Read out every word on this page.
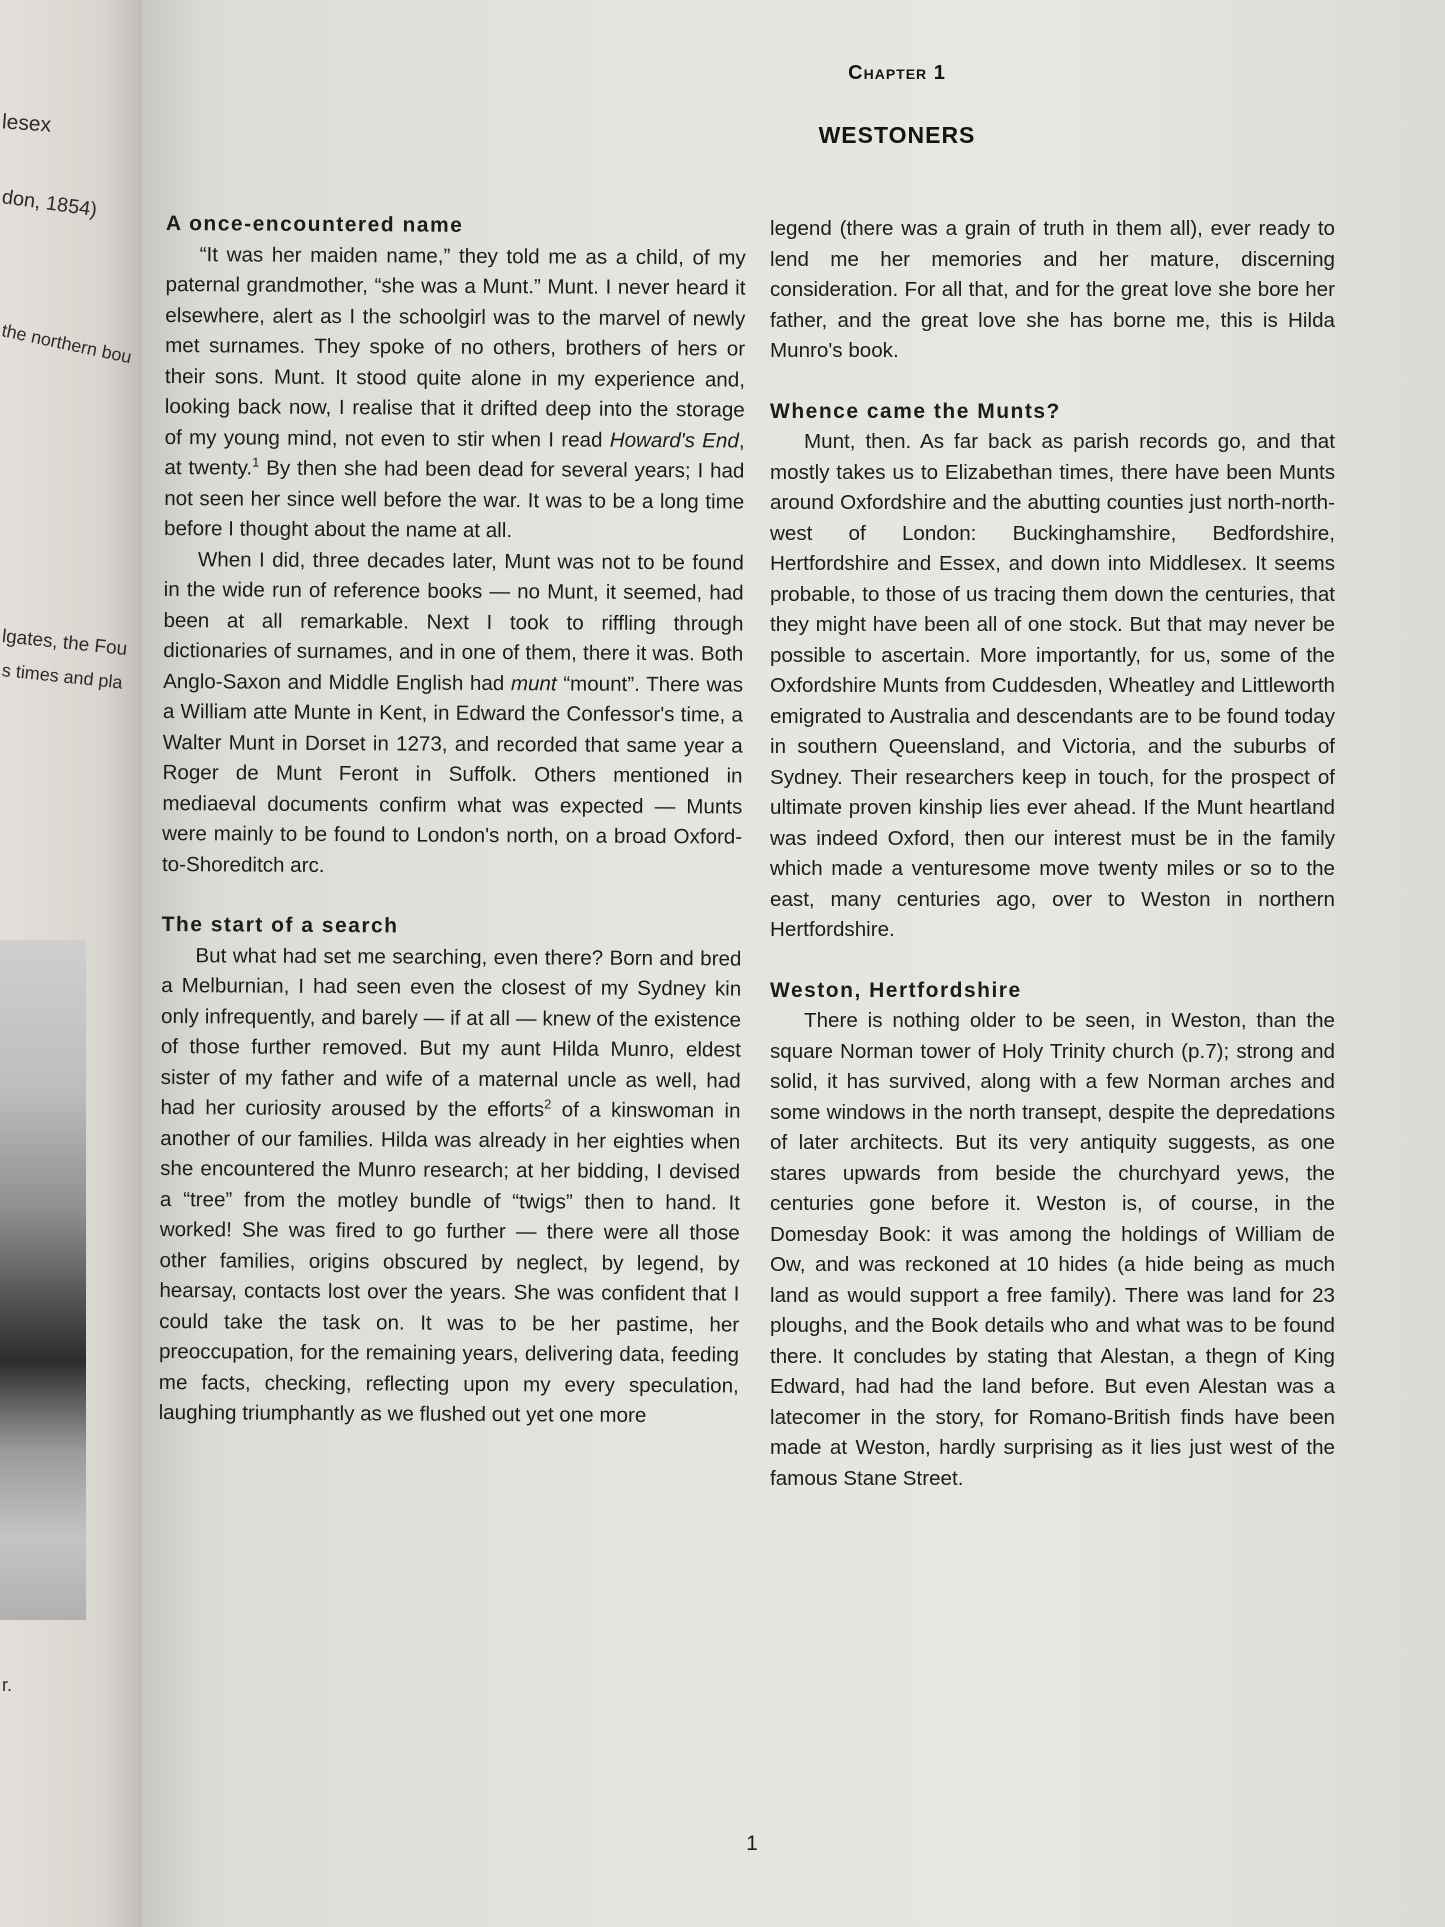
lesex
don, 1854)
the northern bou
lgates, the Fou
s times and pla
r.
Chapter 1
WESTONERS
A once-encountered name

“It was her maiden name,” they told me as a child, of my paternal grandmother, “she was a Munt.” Munt. I never heard it elsewhere, alert as I the schoolgirl was to the marvel of newly met surnames. They spoke of no others, brothers of hers or their sons. Munt. It stood quite alone in my experience and, looking back now, I realise that it drifted deep into the storage of my young mind, not even to stir when I read Howard's End, at twenty.$^1$ By then she had been dead for several years; I had not seen her since well before the war. It was to be a long time before I thought about the name at all.

When I did, three decades later, Munt was not to be found in the wide run of reference books — no Munt, it seemed, had been at all remarkable. Next I took to riffling through dictionaries of surnames, and in one of them, there it was. Both Anglo-Saxon and Middle English had munt “mount”. There was a William atte Munte in Kent, in Edward the Confessor's time, a Walter Munt in Dorset in 1273, and recorded that same year a Roger de Munt Feront in Suffolk. Others mentioned in mediaeval documents confirm what was expected — Munts were mainly to be found to London's north, on a broad Oxford-to-Shoreditch arc.

The start of a search

But what had set me searching, even there? Born and bred a Melburnian, I had seen even the closest of my Sydney kin only infrequently, and barely — if at all — knew of the existence of those further removed. But my aunt Hilda Munro, eldest sister of my father and wife of a maternal uncle as well, had had her curiosity aroused by the efforts$^2$ of a kinswoman in another of our families. Hilda was already in her eighties when she encountered the Munro research; at her bidding, I devised a “tree” from the motley bundle of “twigs” then to hand. It worked! She was fired to go further — there were all those other families, origins obscured by neglect, by legend, by hearsay, contacts lost over the years. She was confident that I could take the task on. It was to be her pastime, her preoccupation, for the remaining years, delivering data, feeding me facts, checking, reflecting upon my every speculation, laughing triumphantly as we flushed out yet one more

legend (there was a grain of truth in them all), ever ready to lend me her memories and her mature, discerning consideration. For all that, and for the great love she bore her father, and the great love she has borne me, this is Hilda Munro's book.

Whence came the Munts?

Munt, then. As far back as parish records go, and that mostly takes us to Elizabethan times, there have been Munts around Oxfordshire and the abutting counties just north-north-west of London: Buckinghamshire, Bedfordshire, Hertfordshire and Essex, and down into Middlesex. It seems probable, to those of us tracing them down the centuries, that they might have been all of one stock. But that may never be possible to ascertain. More importantly, for us, some of the Oxfordshire Munts from Cuddesden, Wheatley and Littleworth emigrated to Australia and descendants are to be found today in southern Queensland, and Victoria, and the suburbs of Sydney. Their researchers keep in touch, for the prospect of ultimate proven kinship lies ever ahead. If the Munt heartland was indeed Oxford, then our interest must be in the family which made a venturesome move twenty miles or so to the east, many centuries ago, over to Weston in northern Hertfordshire.

Weston, Hertfordshire

There is nothing older to be seen, in Weston, than the square Norman tower of Holy Trinity church (p.7); strong and solid, it has survived, along with a few Norman arches and some windows in the north transept, despite the depredations of later architects. But its very antiquity suggests, as one stares upwards from beside the churchyard yews, the centuries gone before it. Weston is, of course, in the Domesday Book: it was among the holdings of William de Ow, and was reckoned at 10 hides (a hide being as much land as would support a free family). There was land for 23 ploughs, and the Book details who and what was to be found there. It concludes by stating that Alestan, a thegn of King Edward, had had the land before. But even Alestan was a latecomer in the story, for Romano-British finds have been made at Weston, hardly surprising as it lies just west of the famous Stane Street.

1
